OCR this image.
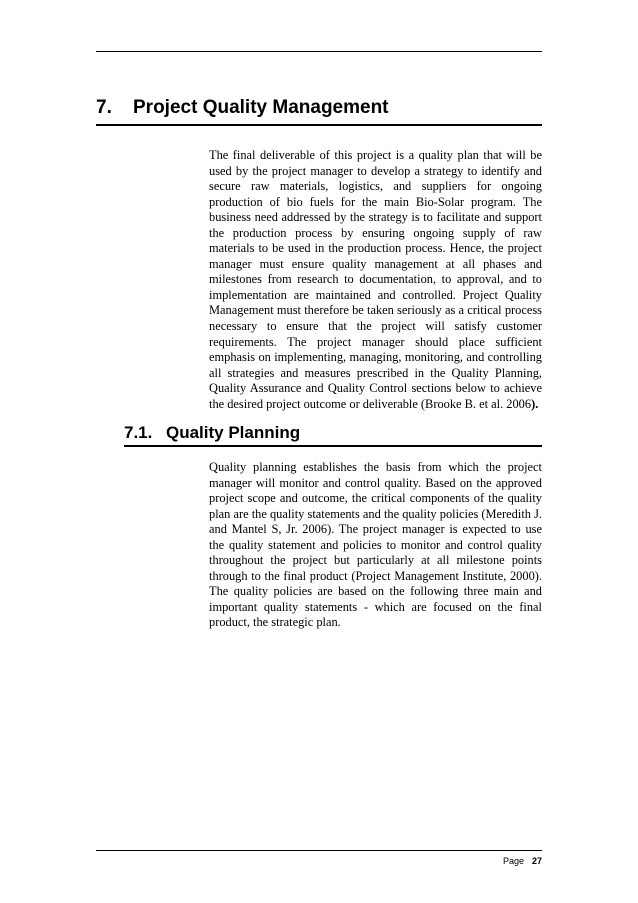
7. Project Quality Management

The final deliverable of this project is a quality plan that will be used by the project manager to develop a strategy to identify and secure raw materials, logistics, and suppliers for ongoing production of bio fuels for the main Bio-Solar program. The business need addressed by the strategy is to facilitate and support the production process by ensuring ongoing supply of raw materials to be used in the production process. Hence, the project manager must ensure quality management at all phases and milestones from research to documentation, to approval, and to implementation are maintained and controlled. Project Quality Management must therefore be taken seriously as a critical process necessary to ensure that the project will satisfy customer requirements. The project manager should place sufficient emphasis on implementing, managing, monitoring, and controlling all strategies and measures prescribed in the Quality Planning, Quality Assurance and Quality Control sections below to achieve the desired project outcome or deliverable (Brooke B. et al. 2006).

7.1. Quality Planning

Quality planning establishes the basis from which the project manager will monitor and control quality. Based on the approved project scope and outcome, the critical components of the quality plan are the quality statements and the quality policies (Meredith J. and Mantel S, Jr. 2006). The project manager is expected to use the quality statement and policies to monitor and control quality throughout the project but particularly at all milestone points through to the final product (Project Management Institute, 2000). The quality policies are based on the following three main and important quality statements - which are focused on the final product, the strategic plan.

Page 27
